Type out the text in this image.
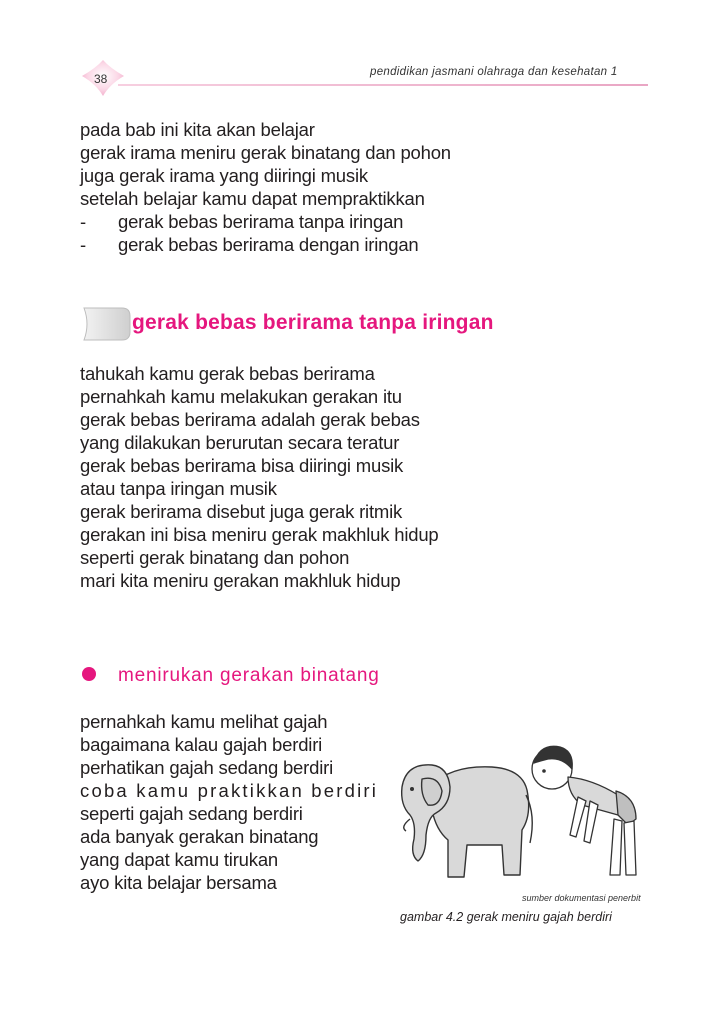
38	pendidikan jasmani olahraga dan kesehatan 1

pada bab ini kita akan belajar

gerak irama meniru gerak binatang dan pohon

juga gerak irama yang diiringi musik

setelah belajar kamu dapat mempraktikkan

- gerak bebas berirama tanpa iringan

- gerak bebas berirama dengan iringan

gerak bebas berirama tanpa iringan

tahukah kamu gerak bebas berirama

pernahkah kamu melakukan gerakan itu

gerak bebas berirama adalah gerak bebas

yang dilakukan berurutan secara teratur

gerak bebas berirama bisa diiringi musik

atau tanpa iringan musik

gerak berirama disebut juga gerak ritmik

gerakan ini bisa meniru gerak makhluk hidup

seperti gerak binatang dan pohon

mari kita meniru gerakan makhluk hidup

menirukan gerakan binatang

pernahkah kamu melihat gajah

bagaimana kalau gajah berdiri

perhatikan gajah sedang berdiri

coba kamu praktikkan berdiri

seperti gajah sedang berdiri

ada banyak gerakan binatang

yang dapat kamu tirukan

ayo kita belajar bersama

sumber dokumentasi penerbit
gambar 4.2 gerak meniru gajah berdiri
